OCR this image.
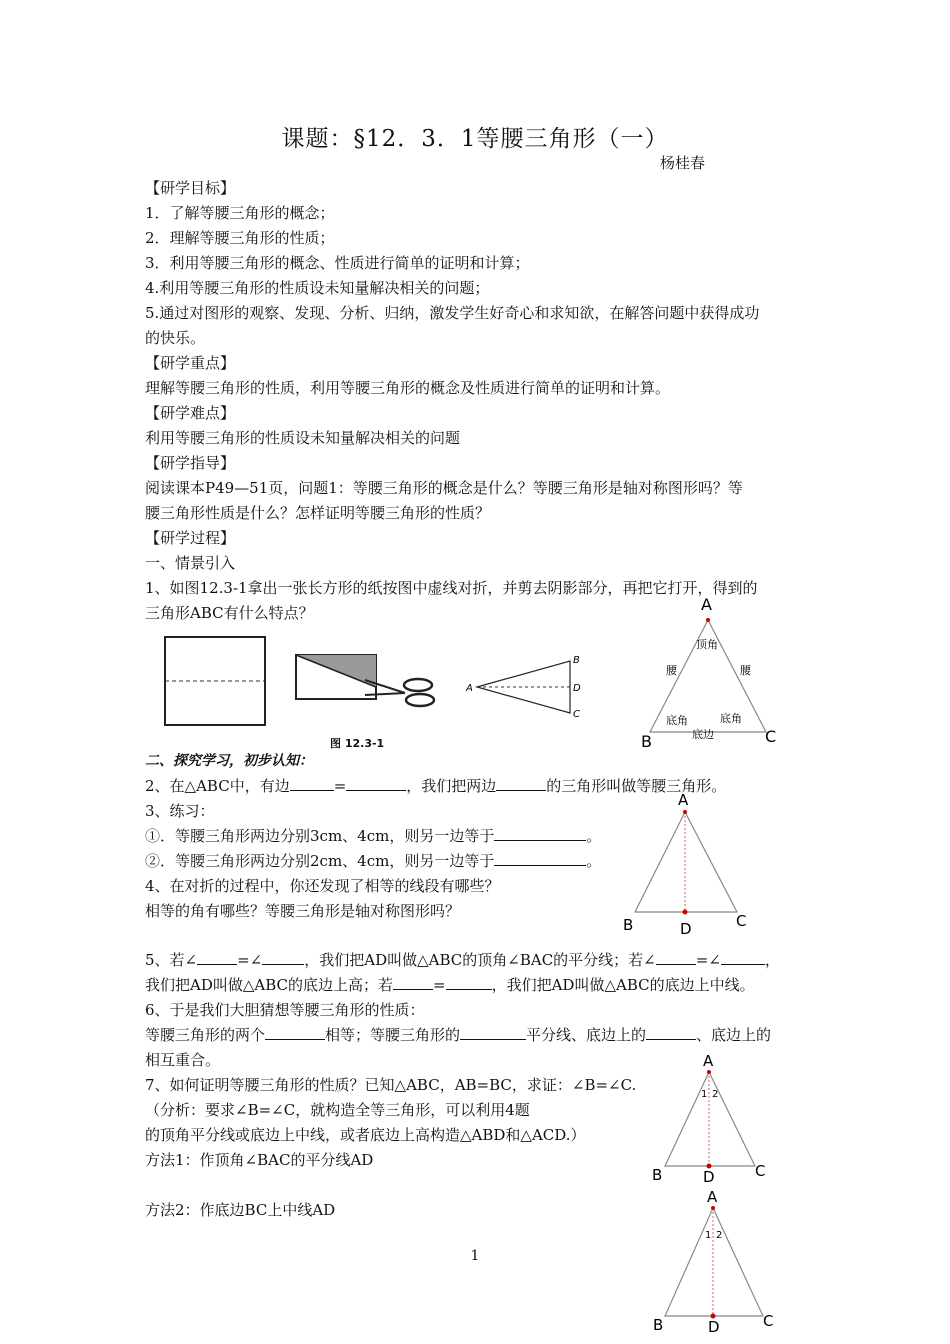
课题：§12．3．1等腰三角形（一）
杨桂春
【研学目标】
1．了解等腰三角形的概念；
2．理解等腰三角形的性质；
3．利用等腰三角形的概念、性质进行简单的证明和计算；
4.利用等腰三角形的性质设未知量解决相关的问题；
5.通过对图形的观察、发现、分析、归纳，激发学生好奇心和求知欲，在解答问题中获得成功
的快乐。
【研学重点】
理解等腰三角形的性质，利用等腰三角形的概念及性质进行简单的证明和计算。
【研学难点】
利用等腰三角形的性质设未知量解决相关的问题
【研学指导】
阅读课本P49—51页，问题1：等腰三角形的概念是什么？等腰三角形是轴对称图形吗？等
腰三角形性质是什么？怎样证明等腰三角形的性质？
【研学过程】
一、情景引入
1、如图12.3-1拿出一张长方形的纸按图中虚线对折，并剪去阴影部分，再把它打开，得到的
三角形ABC有什么特点？
A
B
D
C
图 12.3-1
A
B	C
顶角
腰	腰
底角	底角
底边
二、探究学习，初步认知：
2、在△ABC中，有边	=	，我们把两边	的三角形叫做等腰三角形。
3、练习：
①．等腰三角形两边分别3cm、4cm，则另一边等于	。
②．等腰三角形两边分别2cm、4cm，则另一边等于	。
4、在对折的过程中，你还发现了相等的线段有哪些？
相等的角有哪些？等腰三角形是轴对称图形吗？
A
B	C
D
5、若∠	=∠	，我们把AD叫做△ABC的顶角∠BAC的平分线；若∠	=∠	，
我们把AD叫做△ABC的底边上高；若	=	，我们把AD叫做△ABC的底边上中线。
6、于是我们大胆猜想等腰三角形的性质：
等腰三角形的两个	相等；等腰三角形的	平分线、底边上的	、底边上的
相互重合。
7、如何证明等腰三角形的性质？已知△ABC，AB=BC，求证：∠B=∠C.
（分析：要求∠B=∠C，就构造全等三角形，可以利用4题
的顶角平分线或底边上中线，或者底边上高构造△ABD和△ACD.）
方法1：作顶角∠BAC的平分线AD
方法2：作底边BC上中线AD
A
1 2
B	C
D
A
1 2
B	C
D
1
